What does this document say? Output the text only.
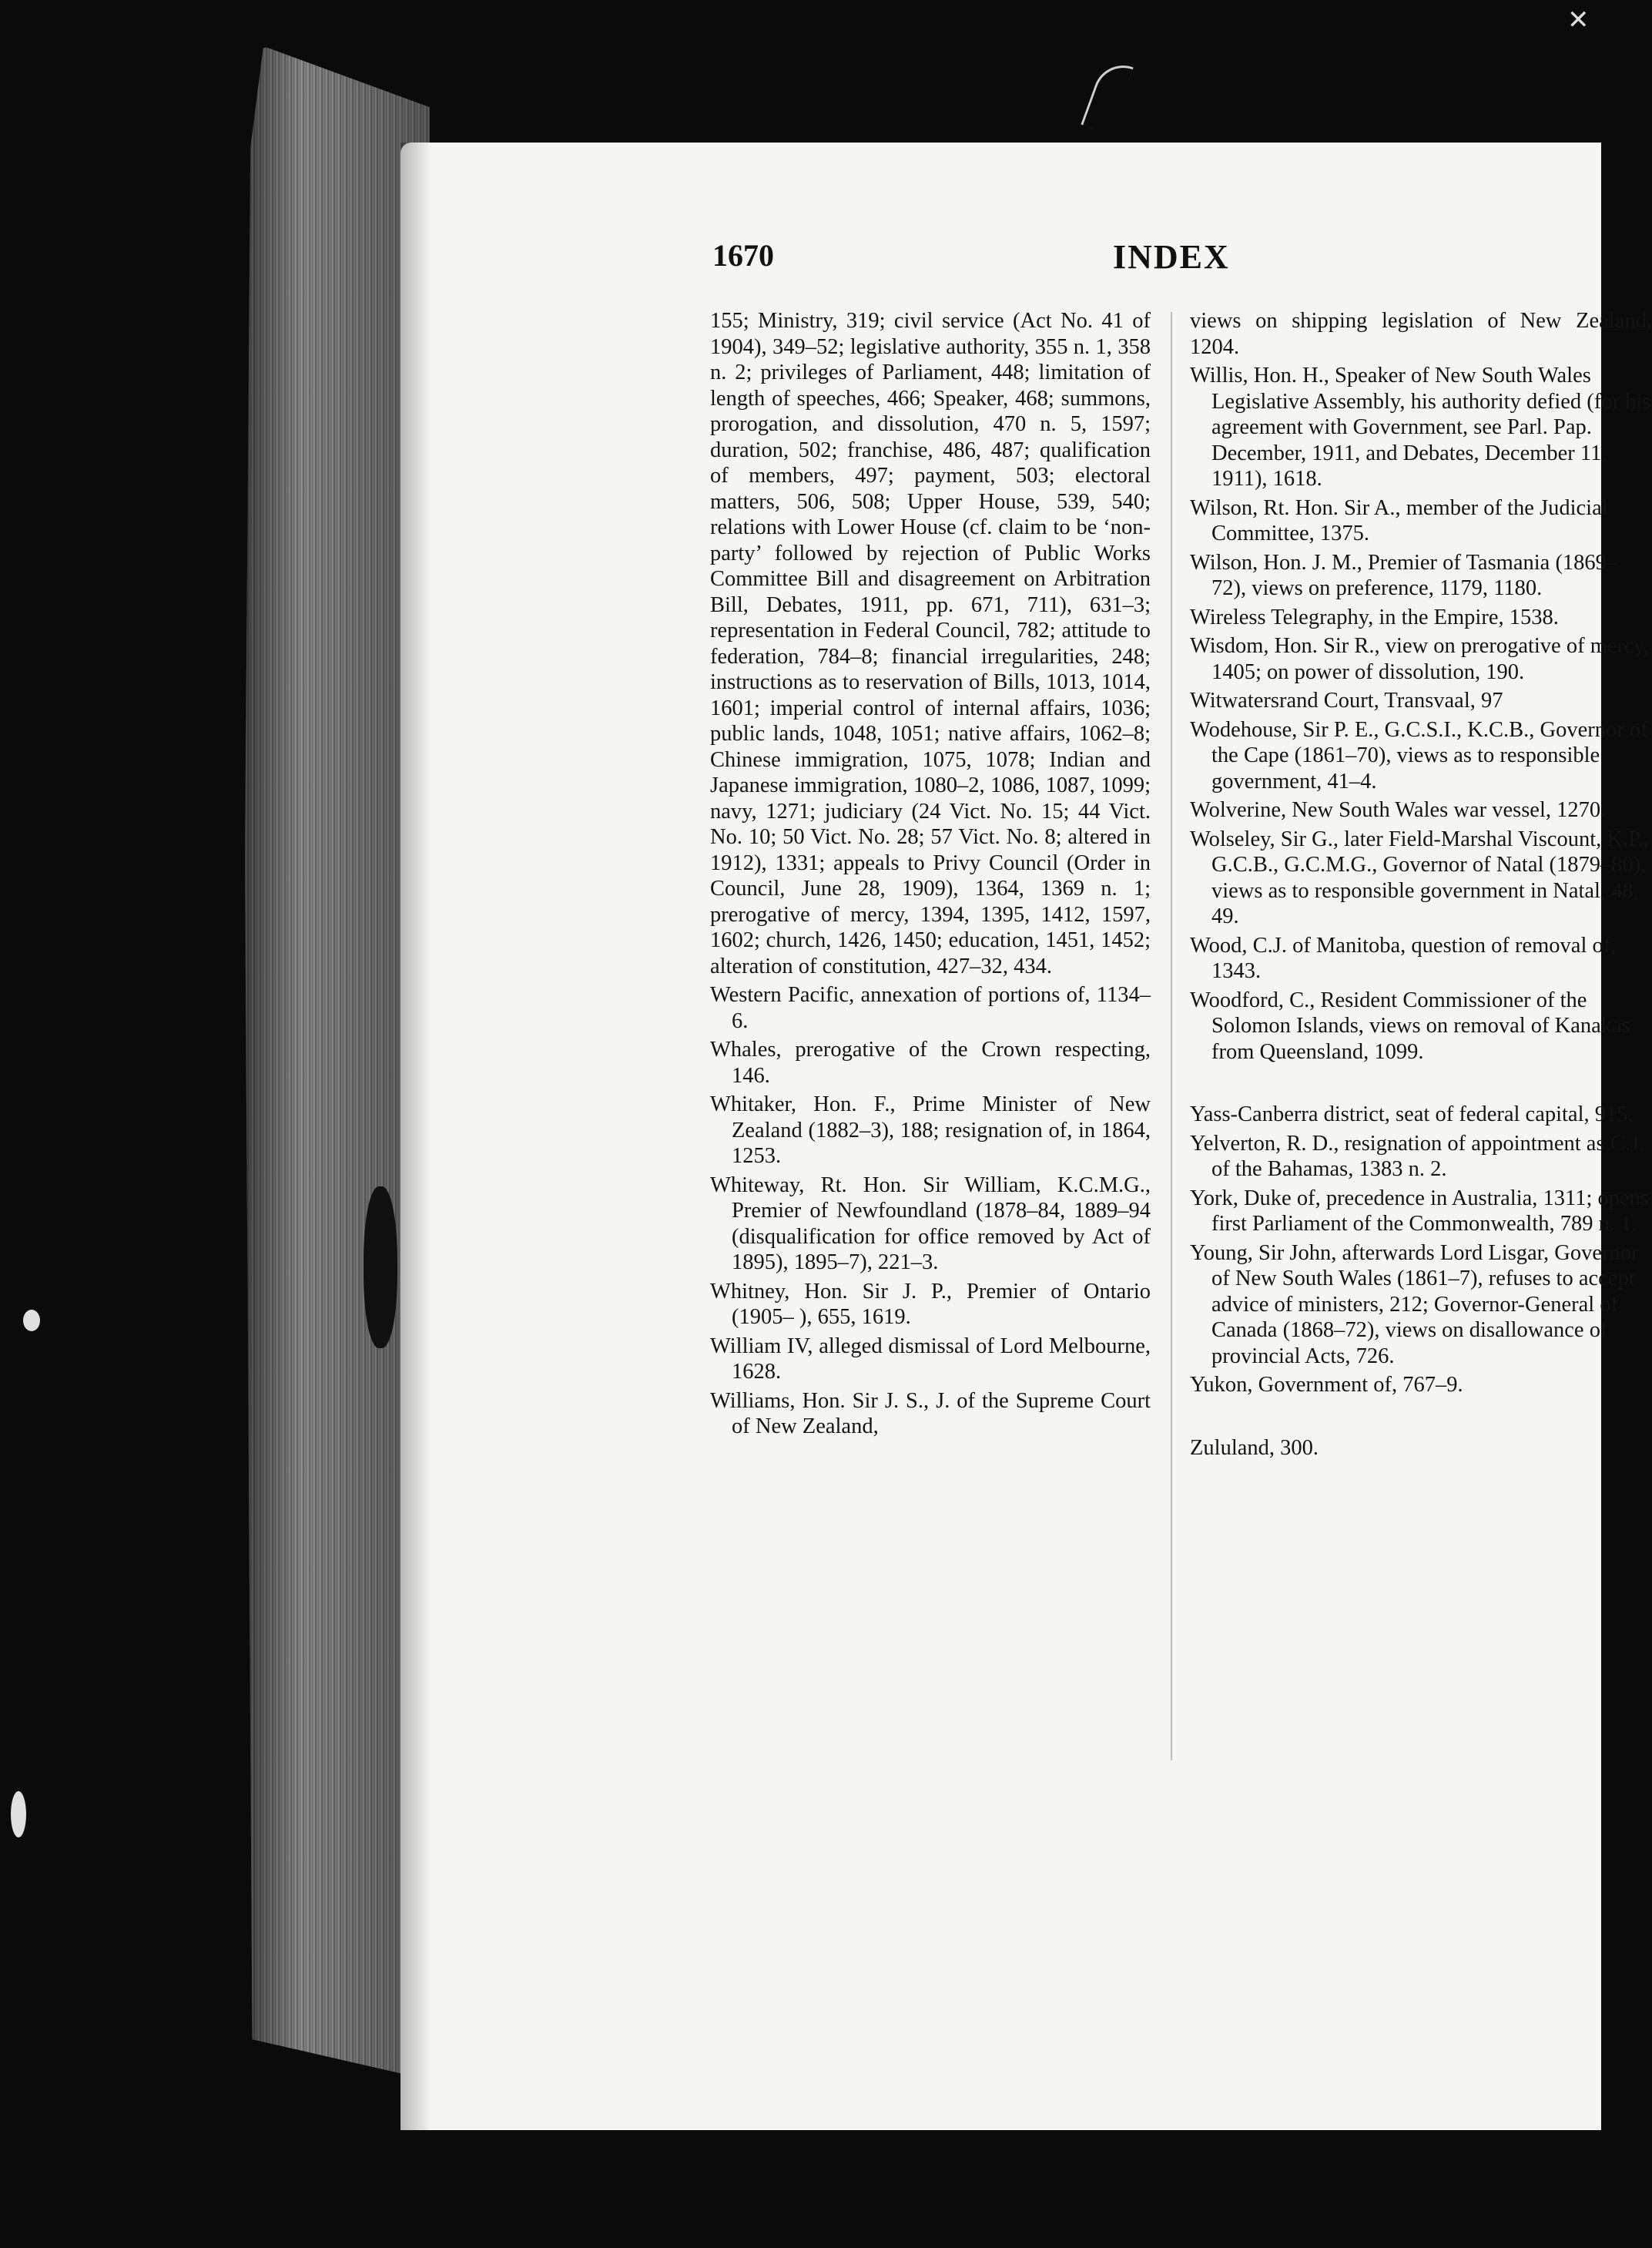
✕
1670	INDEX

155; Ministry, 319; civil service (Act No. 41 of 1904), 349–52; legislative authority, 355 n. 1, 358 n. 2; privileges of Parliament, 448; limitation of length of speeches, 466; Speaker, 468; summons, prorogation, and dissolution, 470 n. 5, 1597; duration, 502; franchise, 486, 487; qualification of members, 497; payment, 503; electoral matters, 506, 508; Upper House, 539, 540; relations with Lower House (cf. claim to be ‘non-party’ followed by rejection of Public Works Committee Bill and disagreement on Arbitration Bill, Debates, 1911, pp. 671, 711), 631–3; representation in Federal Council, 782; attitude to federation, 784–8; financial irregularities, 248; instructions as to reservation of Bills, 1013, 1014, 1601; imperial control of internal affairs, 1036; public lands, 1048, 1051; native affairs, 1062–8; Chinese immigration, 1075, 1078; Indian and Japanese immigration, 1080–2, 1086, 1087, 1099; navy, 1271; judiciary (24 Vict. No. 15; 44 Vict. No. 10; 50 Vict. No. 28; 57 Vict. No. 8; altered in 1912), 1331; appeals to Privy Council (Order in Council, June 28, 1909), 1364, 1369 n. 1; prerogative of mercy, 1394, 1395, 1412, 1597, 1602; church, 1426, 1450; education, 1451, 1452; alteration of constitution, 427–32, 434.

Western Pacific, annexation of portions of, 1134–6.

Whales, prerogative of the Crown respecting, 146.

Whitaker, Hon. F., Prime Minister of New Zealand (1882–3), 188; resignation of, in 1864, 1253.

Whiteway, Rt. Hon. Sir William, K.C.M.G., Premier of Newfoundland (1878–84, 1889–94 (disqualification for office removed by Act of 1895), 1895–7), 221–3.

Whitney, Hon. Sir J. P., Premier of Ontario (1905– ), 655, 1619.

William IV, alleged dismissal of Lord Melbourne, 1628.

Williams, Hon. Sir J. S., J. of the Supreme Court of New Zealand,

views on shipping legislation of New Zealand, 1204.

Willis, Hon. H., Speaker of New South Wales Legislative Assembly, his authority defied (for his agreement with Government, see Parl. Pap. December, 1911, and Debates, December 11, 1911), 1618.

Wilson, Rt. Hon. Sir A., member of the Judicial Committee, 1375.

Wilson, Hon. J. M., Premier of Tasmania (1869–72), views on preference, 1179, 1180.

Wireless Telegraphy, in the Empire, 1538.

Wisdom, Hon. Sir R., view on prerogative of mercy, 1405; on power of dissolution, 190.

Witwatersrand Court, Transvaal, 97

Wodehouse, Sir P. E., G.C.S.I., K.C.B., Governor of the Cape (1861–70), views as to responsible government, 41–4.

Wolverine, New South Wales war vessel, 1270.

Wolseley, Sir G., later Field-Marshal Viscount, K.P., G.C.B., G.C.M.G., Governor of Natal (1879–80), views as to responsible government in Natal, 48, 49.

Wood, C.J. of Manitoba, question of removal of, 1343.

Woodford, C., Resident Commissioner of the Solomon Islands, views on removal of Kanakas from Queensland, 1099.

Yass-Canberra district, seat of federal capital, 915.

Yelverton, R. D., resignation of appointment as C.J. of the Bahamas, 1383 n. 2.

York, Duke of, precedence in Australia, 1311; opens first Parliament of the Commonwealth, 789 n. 1.

Young, Sir John, afterwards Lord Lisgar, Governor of New South Wales (1861–7), refuses to accept advice of ministers, 212; Governor-General of Canada (1868–72), views on disallowance of provincial Acts, 726.

Yukon, Government of, 767–9.

Zululand, 300.
